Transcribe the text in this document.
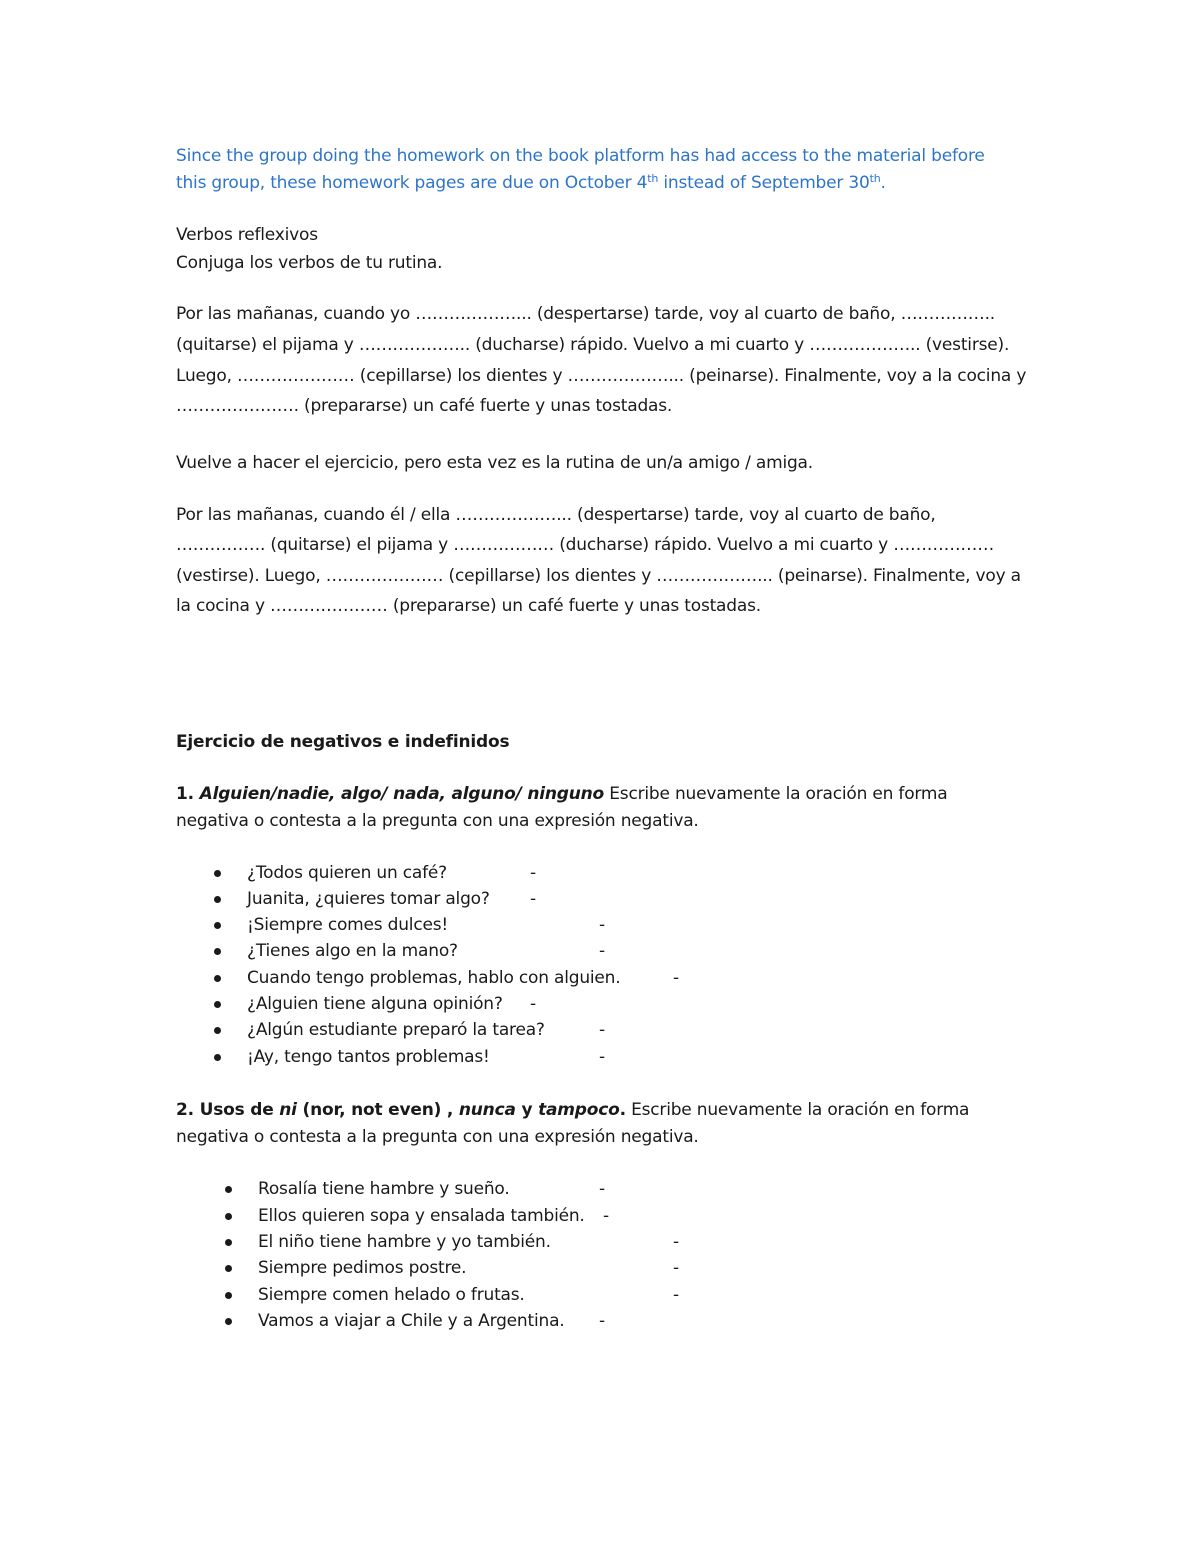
Since the group doing the homework on the book platform has had access to the material before
this group, these homework pages are due on October 4th instead of September 30th.
Verbos reflexivos
Conjuga los verbos de tu rutina.
Por las mañanas, cuando yo ………………... (despertarse) tarde, voy al cuarto de baño, ……………..
(quitarse) el pijama y ……………….. (ducharse) rápido. Vuelvo a mi cuarto y ……………….. (vestirse).
Luego, ………………… (cepillarse) los dientes y ………………... (peinarse). Finalmente, voy a la cocina y
…………………. (prepararse) un café fuerte y unas tostadas.
Vuelve a hacer el ejercicio, pero esta vez es la rutina de un/a amigo / amiga.
Por las mañanas, cuando él / ella ………………... (despertarse) tarde, voy al cuarto de baño,
……………. (quitarse) el pijama y ……………… (ducharse) rápido. Vuelvo a mi cuarto y ………………
(vestirse). Luego, ………………… (cepillarse) los dientes y ………………... (peinarse). Finalmente, voy a
la cocina y ………………… (prepararse) un café fuerte y unas tostadas.
Ejercicio de negativos e indefinidos
1. Alguien/nadie, algo/ nada, alguno/ ninguno Escribe nuevamente la oración en forma
negativa o contesta a la pregunta con una expresión negativa.
¿Todos quieren un café?	-
Juanita, ¿quieres tomar algo? -
¡Siempre comes dulces!	-
¿Tienes algo en la mano?	-
Cuando tengo problemas, hablo con alguien.	-
¿Alguien tiene alguna opinión? -
¿Algún estudiante preparó la tarea?	-
¡Ay, tengo tantos problemas!	-
2. Usos de ni (nor, not even) , nunca y tampoco. Escribe nuevamente la oración en forma
negativa o contesta a la pregunta con una expresión negativa.
Rosalía tiene hambre y sueño.	-
Ellos quieren sopa y ensalada también. -
El niño tiene hambre y yo también.	-
Siempre pedimos postre.	-
Siempre comen helado o frutas.	-
Vamos a viajar a Chile y a Argentina. -
